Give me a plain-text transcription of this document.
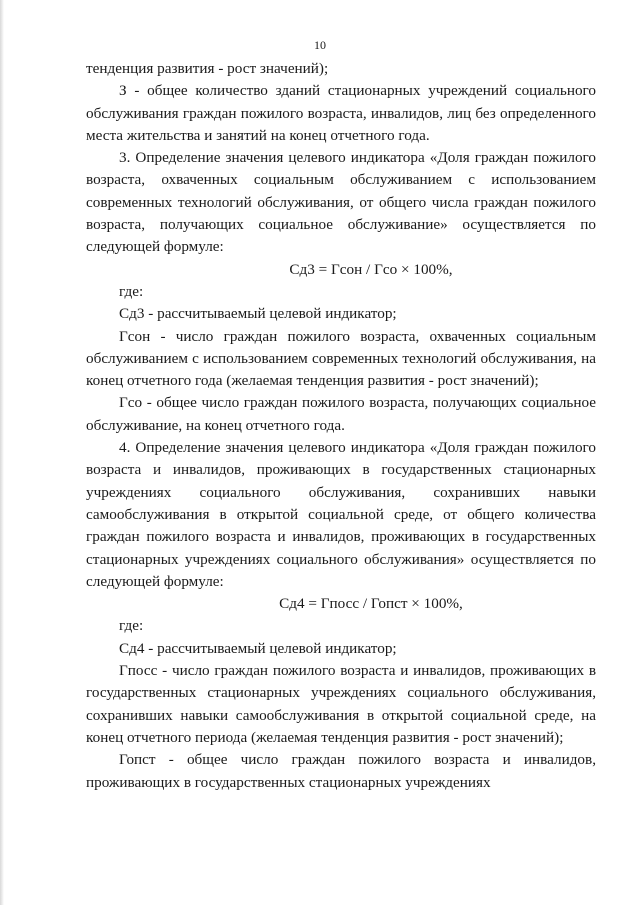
10

тенденция развития - рост значений);

З - общее количество зданий стационарных учреждений социального обслуживания граждан пожилого возраста, инвалидов, лиц без определенного места жительства и занятий на конец отчетного года.

3. Определение значения целевого индикатора «Доля граждан пожилого возраста, охваченных социальным обслуживанием с использованием современных технологий обслуживания, от общего числа граждан пожилого возраста, получающих социальное обслуживание» осуществляется по следующей формуле:

Сд3 = Гсон / Гсо × 100%,

где:

Сд3 - рассчитываемый целевой индикатор;

Гсон - число граждан пожилого возраста, охваченных социальным обслуживанием с использованием современных технологий обслуживания, на конец отчетного года (желаемая тенденция развития - рост значений);

Гсо - общее число граждан пожилого возраста, получающих социальное обслуживание, на конец отчетного года.

4. Определение значения целевого индикатора «Доля граждан пожилого возраста и инвалидов, проживающих в государственных стационарных учреждениях социального обслуживания, сохранивших навыки самообслуживания в открытой социальной среде, от общего количества граждан пожилого возраста и инвалидов, проживающих в государственных стационарных учреждениях социального обслуживания» осуществляется по следующей формуле:

Сд4 = Гпосс / Гопст × 100%,

где:

Сд4 - рассчитываемый целевой индикатор;

Гпосс - число граждан пожилого возраста и инвалидов, проживающих в государственных стационарных учреждениях социального обслуживания, сохранивших навыки самообслуживания в открытой социальной среде, на конец отчетного периода (желаемая тенденция развития - рост значений);

Гопст - общее число граждан пожилого возраста и инвалидов, проживающих в государственных стационарных учреждениях
